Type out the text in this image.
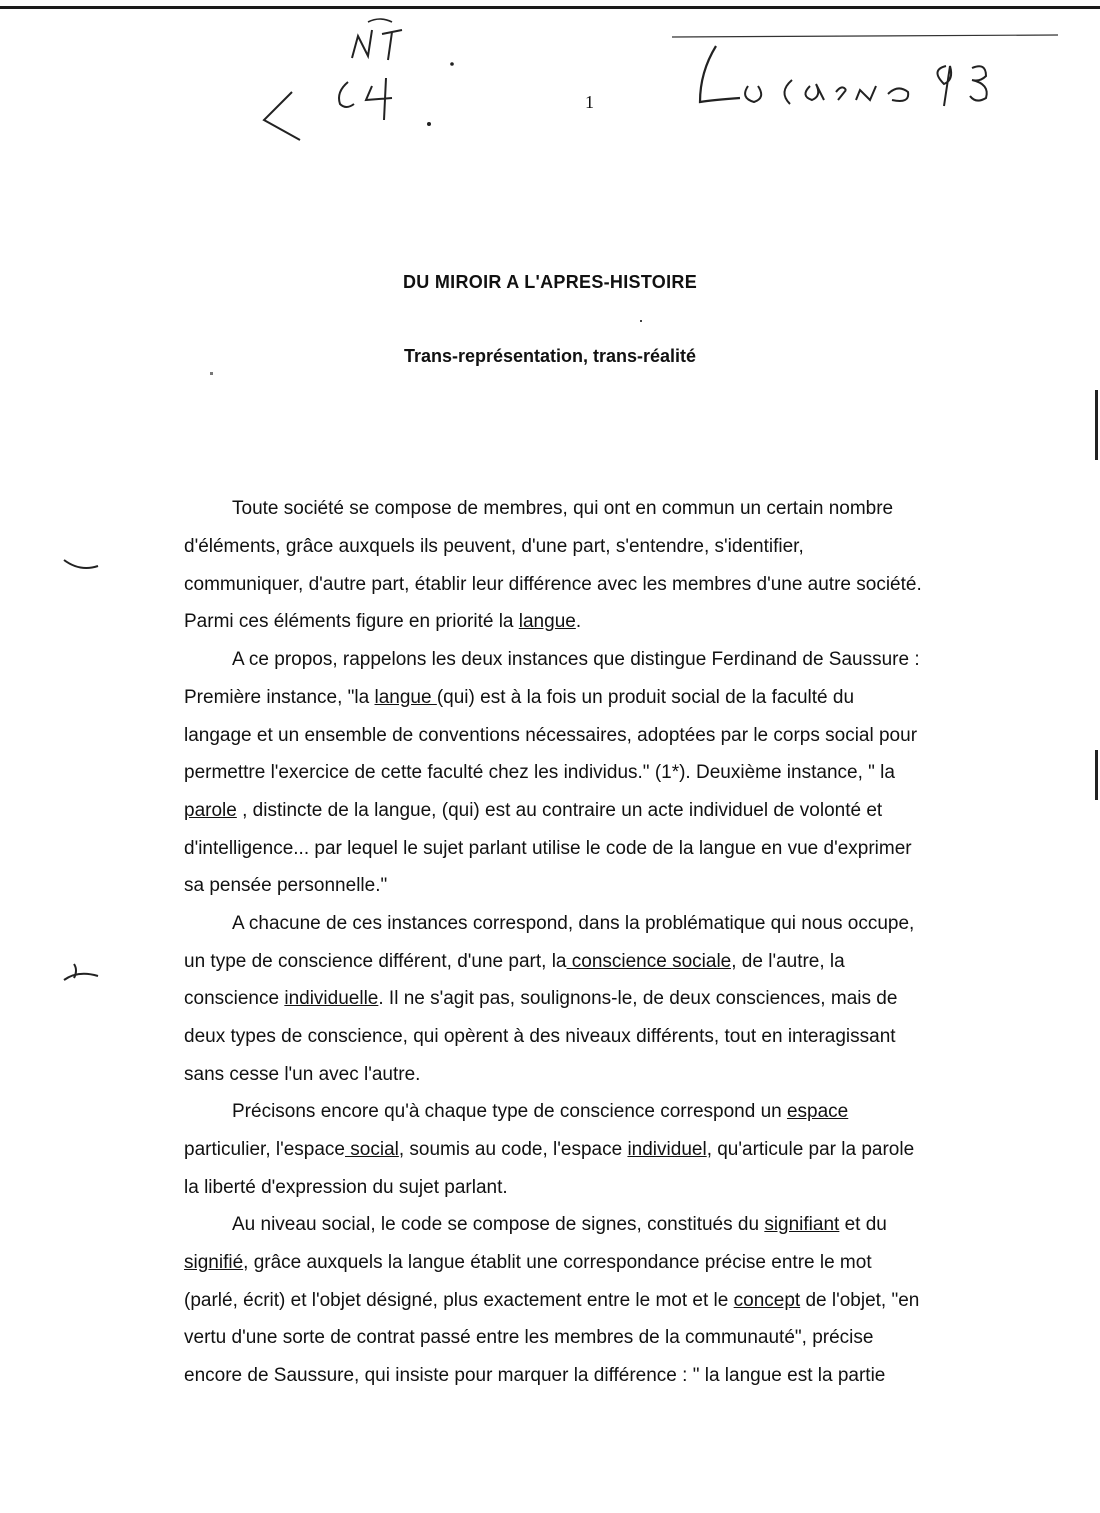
1
DU MIROIR A L'APRES-HISTOIRE
Trans-représentation, trans-réalité
Toute société se compose de membres, qui ont en commun un certain nombre
d'éléments, grâce auxquels ils peuvent, d'une part, s'entendre, s'identifier,
communiquer, d'autre part, établir leur différence avec les membres d'une autre société.
Parmi ces éléments figure en priorité la langue.
A ce propos, rappelons les deux instances que distingue Ferdinand de Saussure :
Première instance, "la langue (qui) est à la fois un produit social de la faculté du
langage et un ensemble de conventions nécessaires, adoptées par le corps social pour
permettre l'exercice de cette faculté chez les individus." (1*). Deuxième instance, " la
parole , distincte de la langue, (qui) est au contraire un acte individuel de volonté et
d'intelligence... par lequel le sujet parlant utilise le code de la langue en vue d'exprimer
sa pensée personnelle."
A chacune de ces instances correspond, dans la problématique qui nous occupe,
un type de conscience différent, d'une part, la conscience sociale, de l'autre, la
conscience individuelle. Il ne s'agit pas, soulignons-le, de deux consciences, mais de
deux types de conscience, qui opèrent à des niveaux différents, tout en interagissant
sans cesse l'un avec l'autre.
Précisons encore qu'à chaque type de conscience correspond un espace
particulier, l'espace social, soumis au code, l'espace individuel, qu'articule par la parole
la liberté d'expression du sujet parlant.
Au niveau social, le code se compose de signes, constitués du signifiant et du
signifié, grâce auxquels la langue établit une correspondance précise entre le mot
(parlé, écrit) et l'objet désigné, plus exactement entre le mot et le concept de l'objet, "en
vertu d'une sorte de contrat passé entre les membres de la communauté", précise
encore de Saussure, qui insiste pour marquer la différence : " la langue est la partie
